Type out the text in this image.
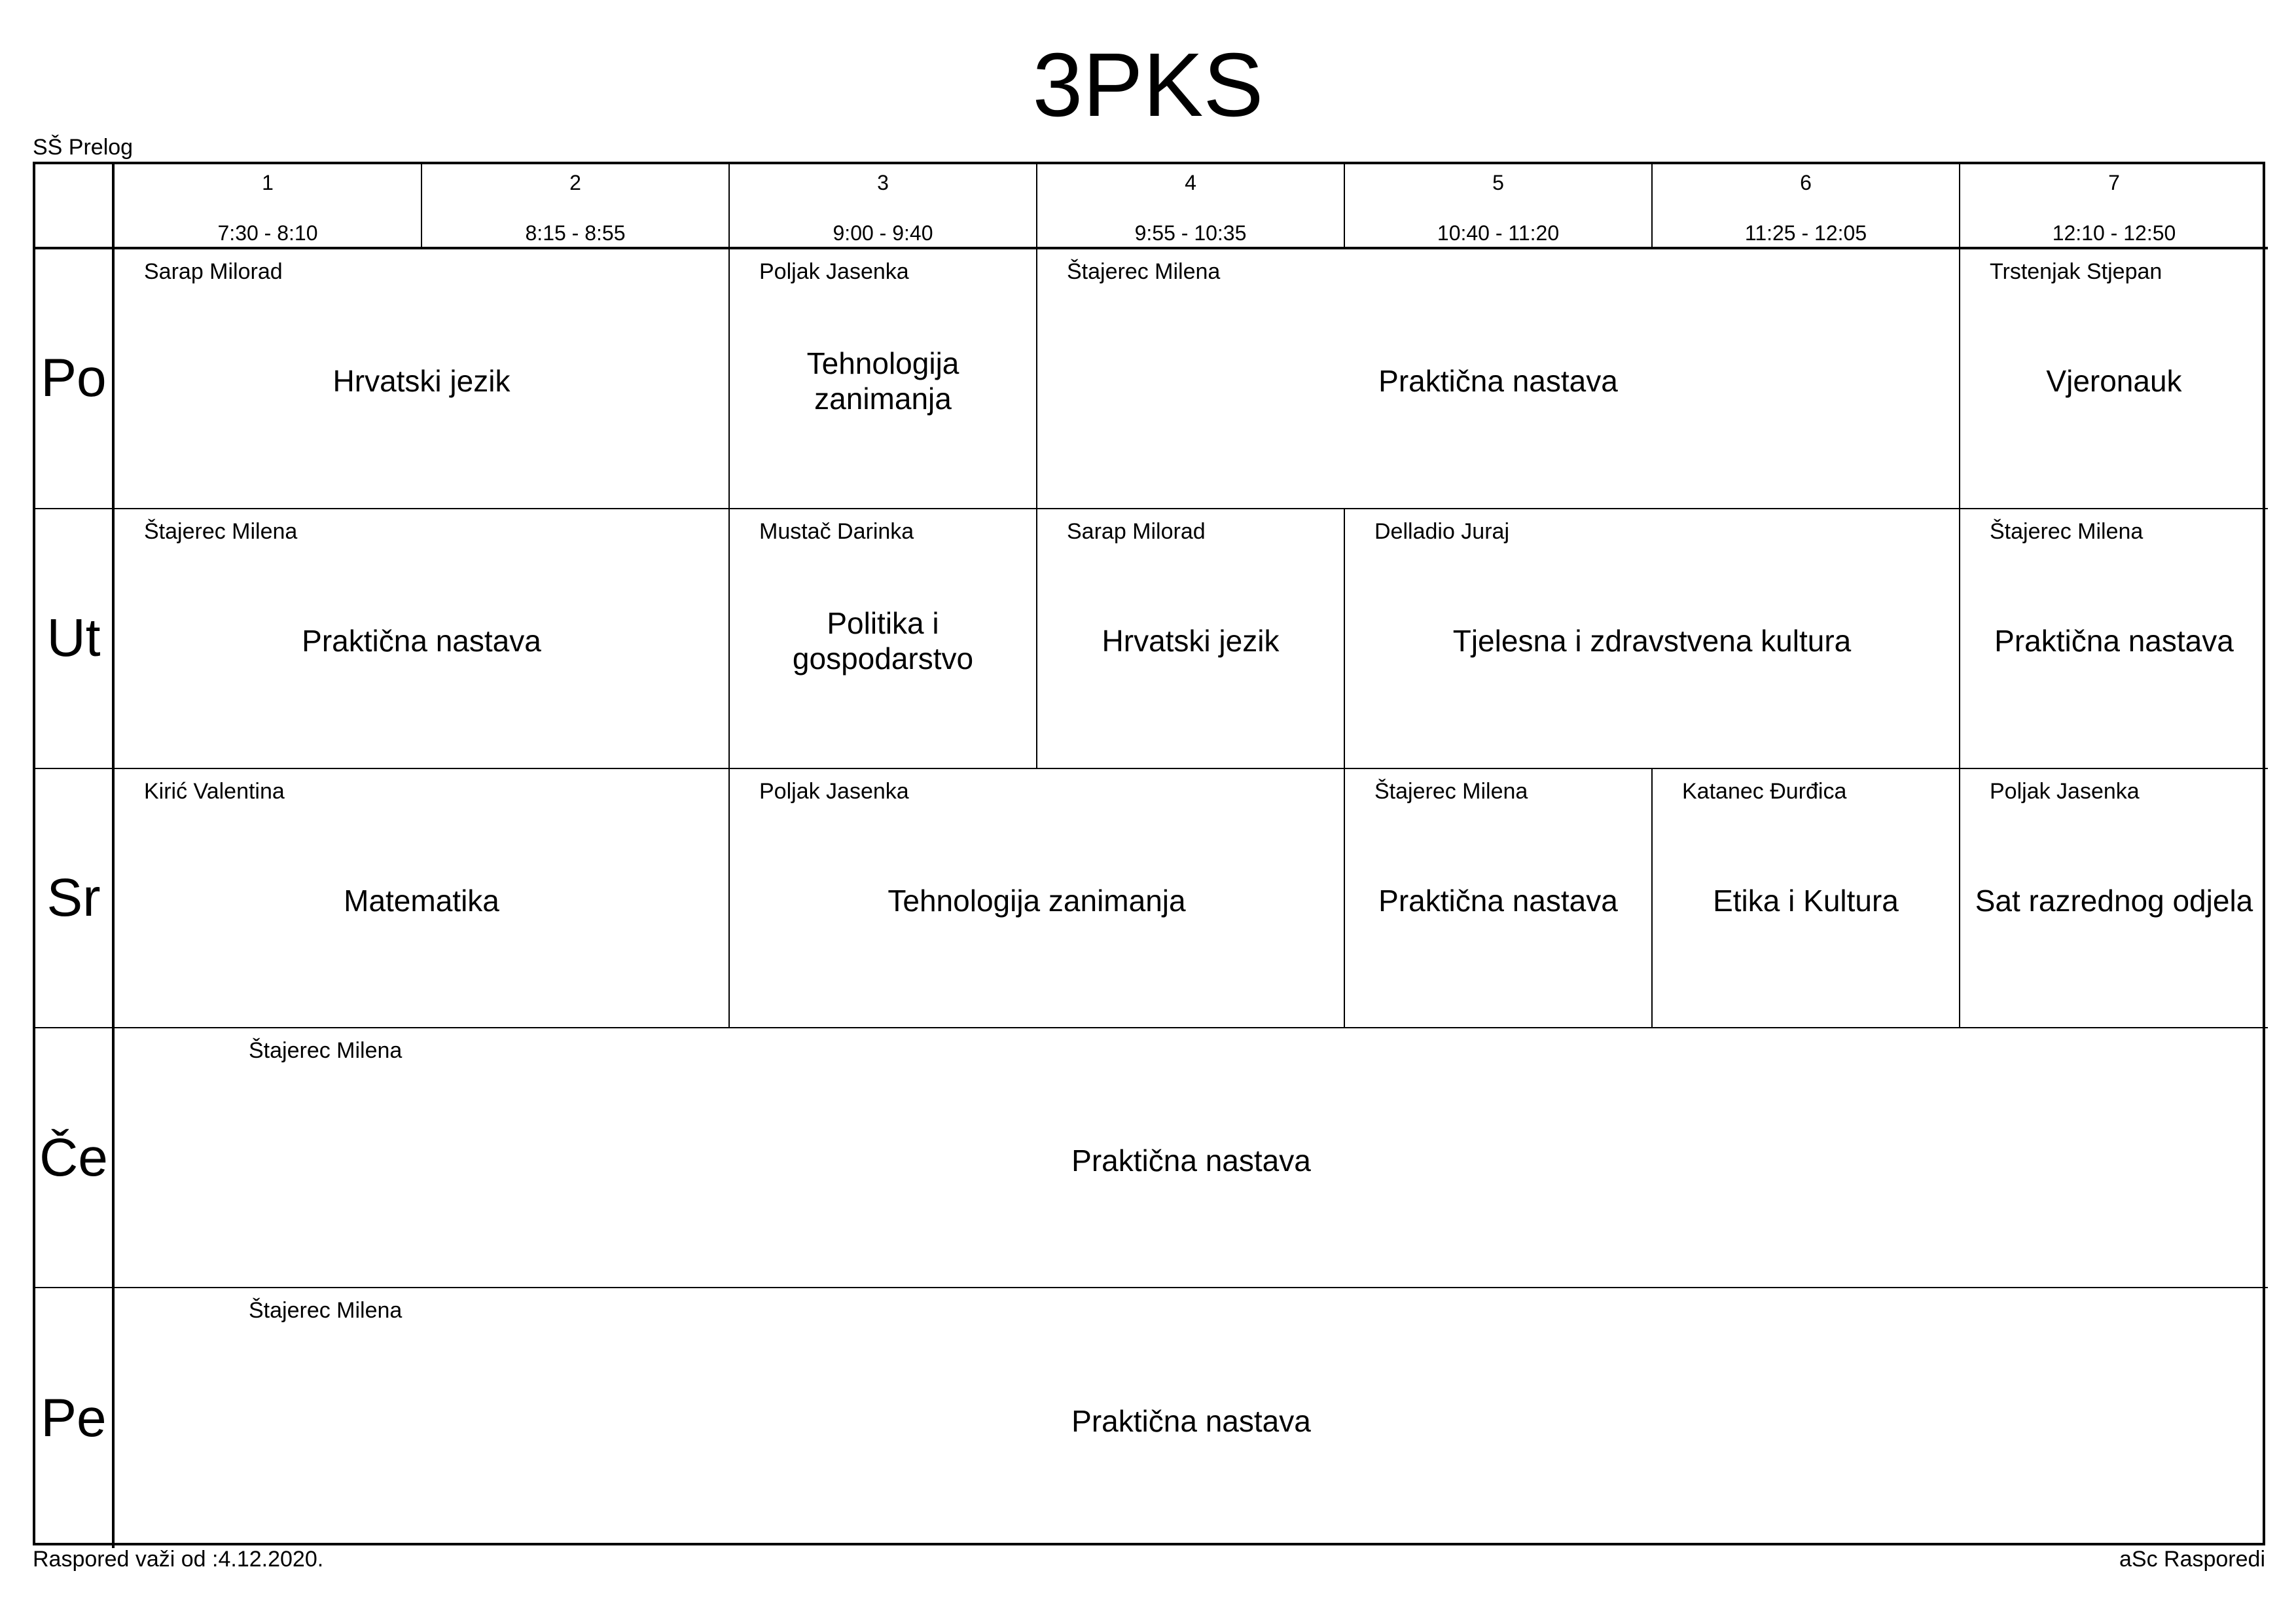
3PKS
SŠ Prelog
1
7:30 - 8:10
2
8:15 - 8:55
3
9:00 - 9:40
4
9:55 - 10:35
5
10:40 - 11:20
6
11:25 - 12:05
7
12:10 - 12:50
Po
Sarap Milorad
Hrvatski jezik
Poljak Jasenka
Tehnologija zanimanja
Štajerec Milena
Praktična nastava
Trstenjak Stjepan
Vjeronauk
Ut
Štajerec Milena
Praktična nastava
Mustač Darinka
Politika i gospodarstvo
Sarap Milorad
Hrvatski jezik
Delladio Juraj
Tjelesna i zdravstvena kultura
Štajerec Milena
Praktična nastava
Sr
Kirić Valentina
Matematika
Poljak Jasenka
Tehnologija zanimanja
Štajerec Milena
Praktična nastava
Katanec Đurđica
Etika i Kultura
Poljak Jasenka
Sat razrednog odjela
Če
Štajerec Milena
Praktična nastava
Pe
Štajerec Milena
Praktična nastava
Raspored važi od :4.12.2020.	aSc Rasporedi
